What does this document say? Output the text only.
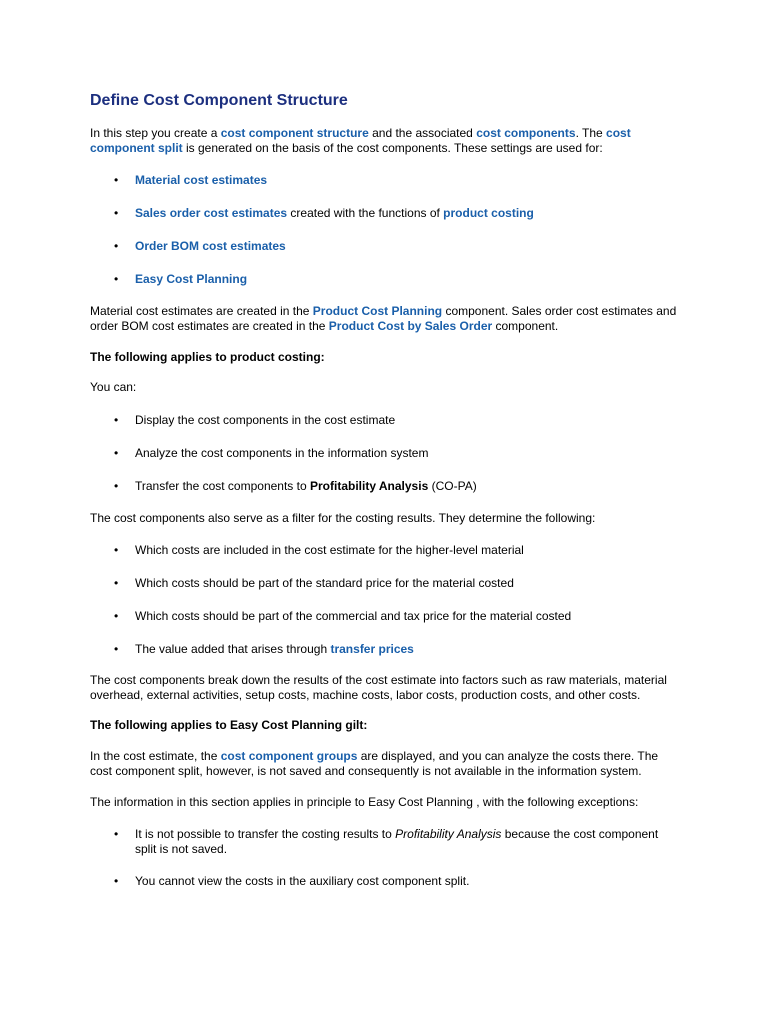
Define Cost Component Structure

In this step you create a cost component structure and the associated cost components. The cost
component split is generated on the basis of the cost components. These settings are used for:

• Material cost estimates

• Sales order cost estimates created with the functions of product costing

• Order BOM cost estimates

• Easy Cost Planning

Material cost estimates are created in the Product Cost Planning component. Sales order cost estimates and
order BOM cost estimates are created in the Product Cost by Sales Order component.

The following applies to product costing:

You can:

• Display the cost components in the cost estimate

• Analyze the cost components in the information system

• Transfer the cost components to Profitability Analysis (CO-PA)

The cost components also serve as a filter for the costing results. They determine the following:

• Which costs are included in the cost estimate for the higher-level material

• Which costs should be part of the standard price for the material costed

• Which costs should be part of the commercial and tax price for the material costed

• The value added that arises through transfer prices

The cost components break down the results of the cost estimate into factors such as raw materials, material
overhead, external activities, setup costs, machine costs, labor costs, production costs, and other costs.

The following applies to Easy Cost Planning gilt:

In the cost estimate, the cost component groups are displayed, and you can analyze the costs there. The
cost component split, however, is not saved and consequently is not available in the information system.

The information in this section applies in principle to Easy Cost Planning , with the following exceptions:

• It is not possible to transfer the costing results to Profitability Analysis because the cost component
split is not saved.

• You cannot view the costs in the auxiliary cost component split.
